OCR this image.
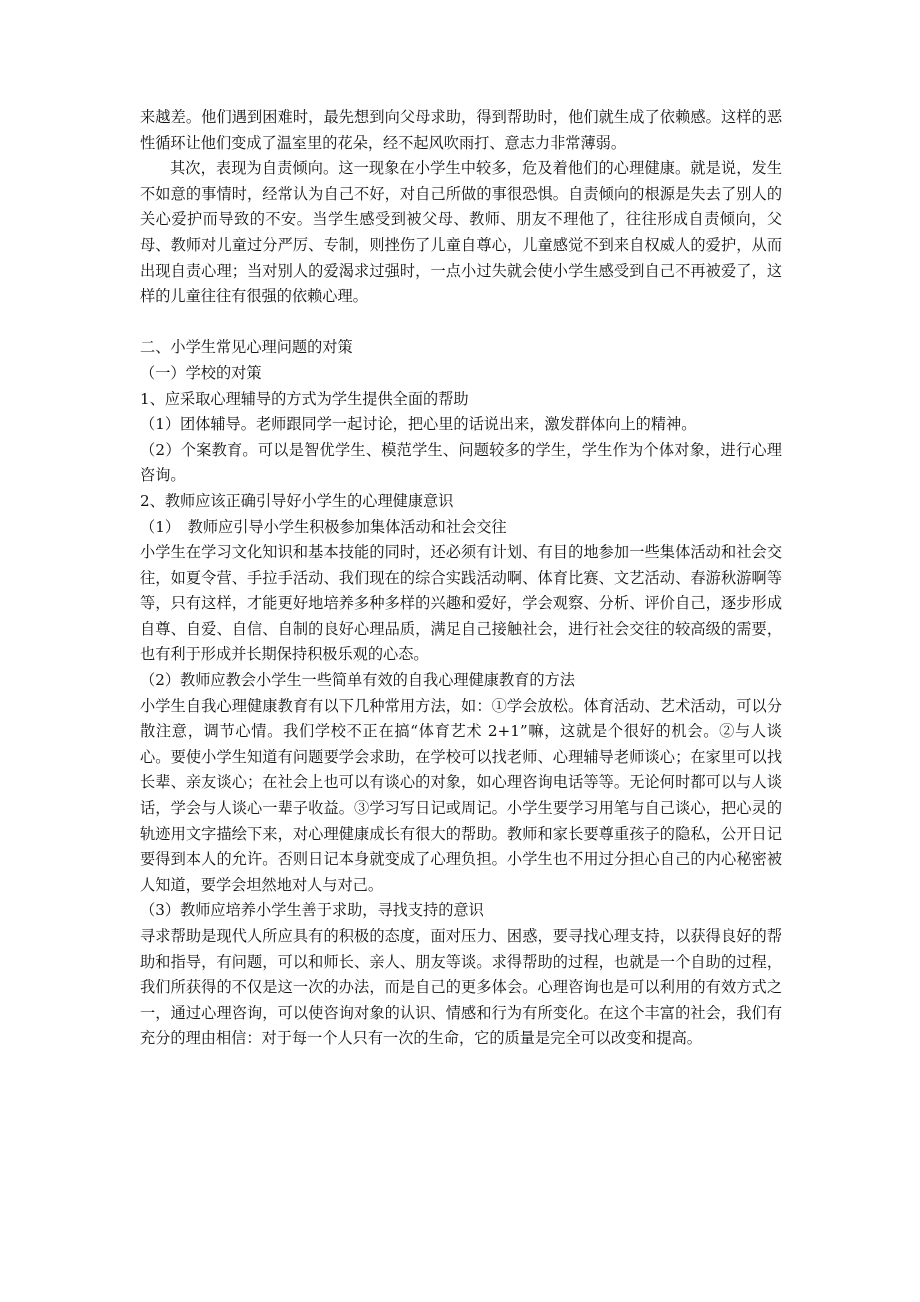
来越差。他们遇到困难时，最先想到向父母求助，得到帮助时，他们就生成了依赖感。这样的恶性循环让他们变成了温室里的花朵，经不起风吹雨打、意志力非常薄弱。

其次，表现为自责倾向。这一现象在小学生中较多，危及着他们的心理健康。就是说，发生不如意的事情时，经常认为自己不好，对自己所做的事很恐惧。自责倾向的根源是失去了别人的关心爱护而导致的不安。当学生感受到被父母、教师、朋友不理他了，往往形成自责倾向，父母、教师对儿童过分严厉、专制，则挫伤了儿童自尊心，儿童感觉不到来自权威人的爱护，从而出现自责心理；当对别人的爱渴求过强时，一点小过失就会使小学生感受到自己不再被爱了，这样的儿童往往有很强的依赖心理。

二、小学生常见心理问题的对策

（一）学校的对策

1、应采取心理辅导的方式为学生提供全面的帮助

（1）团体辅导。老师跟同学一起讨论，把心里的话说出来，激发群体向上的精神。

（2）个案教育。可以是智优学生、模范学生、问题较多的学生，学生作为个体对象，进行心理咨询。

2、教师应该正确引导好小学生的心理健康意识

（1）　教师应引导小学生积极参加集体活动和社会交往

小学生在学习文化知识和基本技能的同时，还必须有计划、有目的地参加一些集体活动和社会交往，如夏令营、手拉手活动、我们现在的综合实践活动啊、体育比赛、文艺活动、春游秋游啊等等，只有这样，才能更好地培养多种多样的兴趣和爱好，学会观察、分析、评价自己，逐步形成自尊、自爱、自信、自制的良好心理品质，满足自己接触社会，进行社会交往的较高级的需要，也有利于形成并长期保持积极乐观的心态。

（2）教师应教会小学生一些简单有效的自我心理健康教育的方法

小学生自我心理健康教育有以下几种常用方法，如：①学会放松。体育活动、艺术活动，可以分散注意，调节心情。我们学校不正在搞“体育艺术 2+1”嘛，这就是个很好的机会。②与人谈心。要使小学生知道有问题要学会求助，在学校可以找老师、心理辅导老师谈心；在家里可以找长辈、亲友谈心；在社会上也可以有谈心的对象，如心理咨询电话等等。无论何时都可以与人谈话，学会与人谈心一辈子收益。③学习写日记或周记。小学生要学习用笔与自己谈心，把心灵的轨迹用文字描绘下来，对心理健康成长有很大的帮助。教师和家长要尊重孩子的隐私，公开日记要得到本人的允许。否则日记本身就变成了心理负担。小学生也不用过分担心自己的内心秘密被人知道，要学会坦然地对人与对己。

（3）教师应培养小学生善于求助，寻找支持的意识

寻求帮助是现代人所应具有的积极的态度，面对压力、困惑，要寻找心理支持，以获得良好的帮助和指导，有问题，可以和师长、亲人、朋友等谈。求得帮助的过程，也就是一个自助的过程，我们所获得的不仅是这一次的办法，而是自己的更多体会。心理咨询也是可以利用的有效方式之一，通过心理咨询，可以使咨询对象的认识、情感和行为有所变化。在这个丰富的社会，我们有充分的理由相信：对于每一个人只有一次的生命，它的质量是完全可以改变和提高。
